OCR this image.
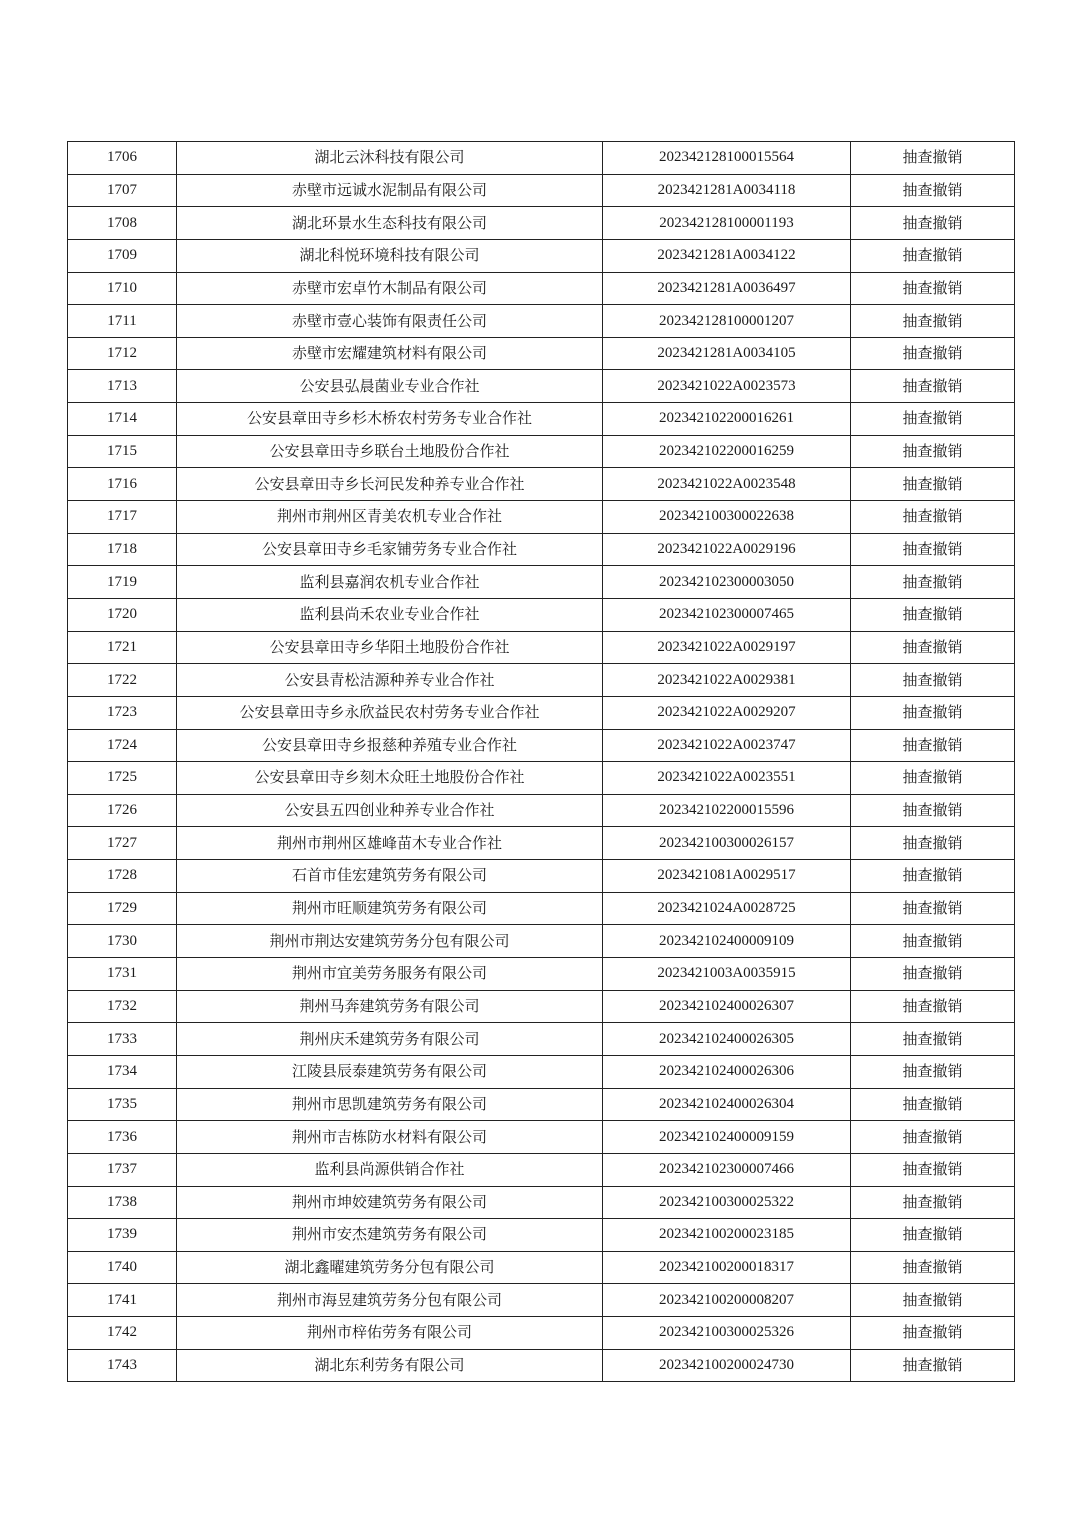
1706	湖北云沐科技有限公司	202342128100015564	抽查撤销
1707	赤壁市远诚水泥制品有限公司	2023421281A0034118	抽查撤销
1708	湖北环景水生态科技有限公司	202342128100001193	抽查撤销
1709	湖北科悦环境科技有限公司	2023421281A0034122	抽查撤销
1710	赤壁市宏卓竹木制品有限公司	2023421281A0036497	抽查撤销
1711	赤壁市壹心装饰有限责任公司	202342128100001207	抽查撤销
1712	赤壁市宏耀建筑材料有限公司	2023421281A0034105	抽查撤销
1713	公安县弘晨菌业专业合作社	2023421022A0023573	抽查撤销
1714	公安县章田寺乡杉木桥农村劳务专业合作社	202342102200016261	抽查撤销
1715	公安县章田寺乡联台土地股份合作社	202342102200016259	抽查撤销
1716	公安县章田寺乡长河民发种养专业合作社	2023421022A0023548	抽查撤销
1717	荆州市荆州区青美农机专业合作社	202342100300022638	抽查撤销
1718	公安县章田寺乡毛家铺劳务专业合作社	2023421022A0029196	抽查撤销
1719	监利县嘉润农机专业合作社	202342102300003050	抽查撤销
1720	监利县尚禾农业专业合作社	202342102300007465	抽查撤销
1721	公安县章田寺乡华阳土地股份合作社	2023421022A0029197	抽查撤销
1722	公安县青松洁源种养专业合作社	2023421022A0029381	抽查撤销
1723	公安县章田寺乡永欣益民农村劳务专业合作社	2023421022A0029207	抽查撤销
1724	公安县章田寺乡报慈种养殖专业合作社	2023421022A0023747	抽查撤销
1725	公安县章田寺乡刻木众旺土地股份合作社	2023421022A0023551	抽查撤销
1726	公安县五四创业种养专业合作社	202342102200015596	抽查撤销
1727	荆州市荆州区雄峰苗木专业合作社	202342100300026157	抽查撤销
1728	石首市佳宏建筑劳务有限公司	2023421081A0029517	抽查撤销
1729	荆州市旺顺建筑劳务有限公司	2023421024A0028725	抽查撤销
1730	荆州市荆达安建筑劳务分包有限公司	202342102400009109	抽查撤销
1731	荆州市宜美劳务服务有限公司	2023421003A0035915	抽查撤销
1732	荆州马奔建筑劳务有限公司	202342102400026307	抽查撤销
1733	荆州庆禾建筑劳务有限公司	202342102400026305	抽查撤销
1734	江陵县辰泰建筑劳务有限公司	202342102400026306	抽查撤销
1735	荆州市思凯建筑劳务有限公司	202342102400026304	抽查撤销
1736	荆州市吉栋防水材料有限公司	202342102400009159	抽查撤销
1737	监利县尚源供销合作社	202342102300007466	抽查撤销
1738	荆州市坤姣建筑劳务有限公司	202342100300025322	抽查撤销
1739	荆州市安杰建筑劳务有限公司	202342100200023185	抽查撤销
1740	湖北鑫曜建筑劳务分包有限公司	202342100200018317	抽查撤销
1741	荆州市海昱建筑劳务分包有限公司	202342100200008207	抽查撤销
1742	荆州市梓佑劳务有限公司	202342100300025326	抽查撤销
1743	湖北东利劳务有限公司	202342100200024730	抽查撤销
